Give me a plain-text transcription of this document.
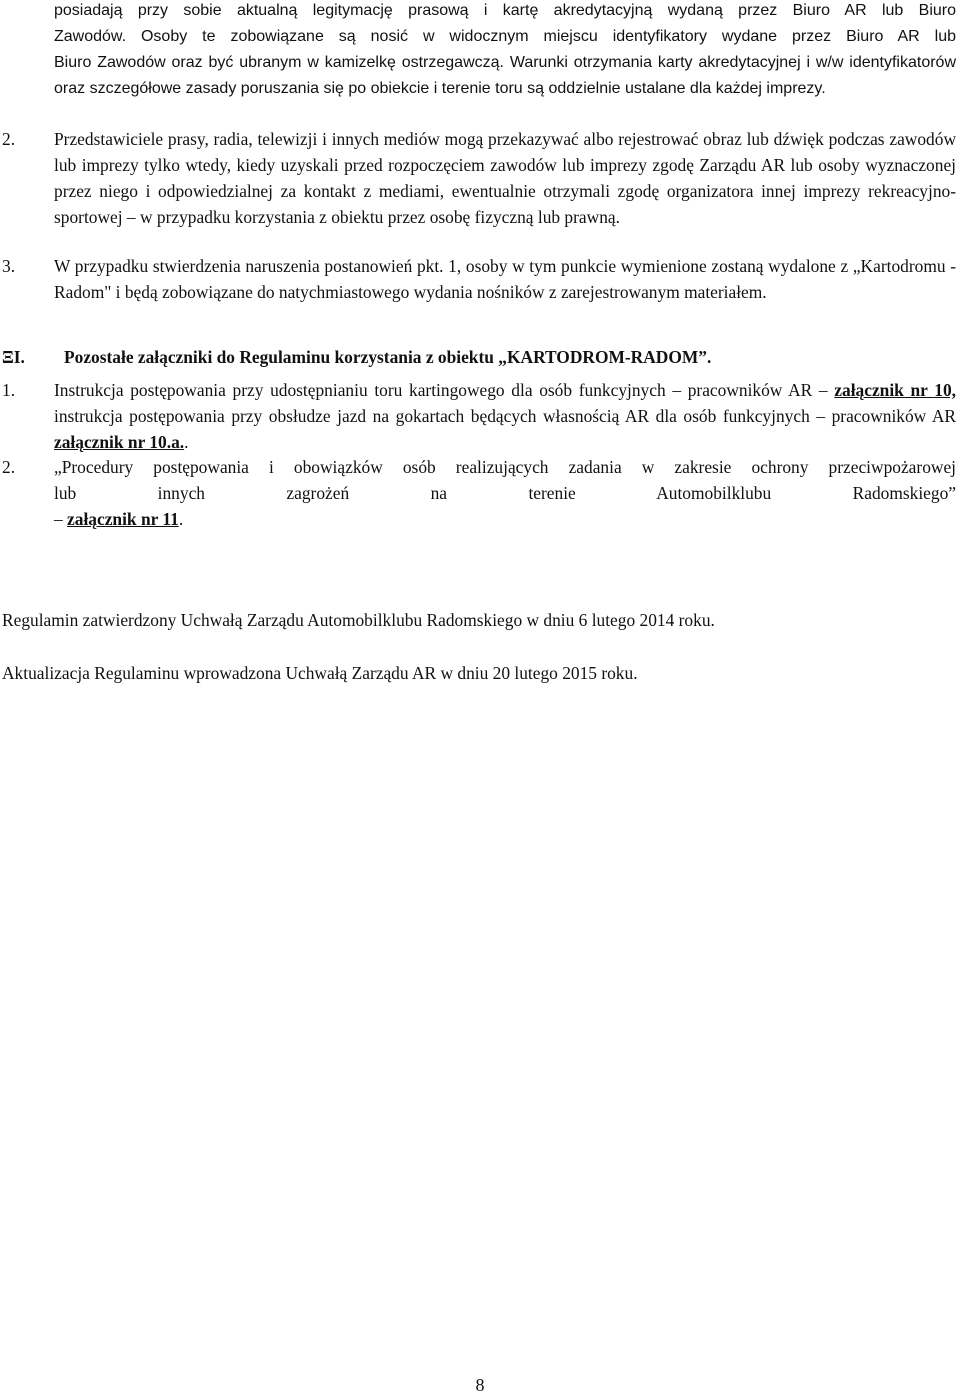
posiadają przy sobie aktualną legitymację prasową i kartę akredytacyjną wydaną przez Biuro AR lub Biuro
Zawodów. Osoby te zobowiązane są nosić w widocznym miejscu identyfikatory wydane przez Biuro AR lub
Biuro Zawodów oraz być ubranym w kamizelkę ostrzegawczą. Warunki otrzymania karty akredytacyjnej i w/w identyfikatorów oraz szczegółowe zasady poruszania się po obiekcie i terenie toru są oddzielnie ustalane dla każdej imprezy.
2. Przedstawiciele prasy, radia, telewizji i innych mediów mogą przekazywać albo rejestrować obraz lub dźwięk podczas zawodów lub imprezy tylko wtedy, kiedy uzyskali przed rozpoczęciem zawodów lub imprezy zgodę Zarządu AR lub osoby wyznaczonej przez niego i odpowiedzialnej za kontakt z mediami, ewentualnie otrzymali zgodę organizatora innej imprezy rekreacyjno-sportowej – w przypadku korzystania z obiektu przez osobę fizyczną lub prawną.
3. W przypadku stwierdzenia naruszenia postanowień pkt. 1, osoby w tym punkcie wymienione zostaną wydalone z „Kartodromu - Radom" i będą zobowiązane do natychmiastowego wydania nośników z zarejestrowanym materiałem.
ΞI. Pozostałe załączniki do Regulaminu korzystania z obiektu „KARTODROM-RADOM”.
1. Instrukcja postępowania przy udostępnianiu toru kartingowego dla osób funkcyjnych – pracowników AR – załącznik nr 10, instrukcja postępowania przy obsłudze jazd na gokartach będących własnością AR dla osób funkcyjnych – pracowników AR załącznik nr 10.a..
2. „Procedury postępowania i obowiązków osób realizujących zadania w zakresie ochrony przeciwpożarowej
lub innych zagrożeń na terenie Automobilklubu Radomskiego”
– załącznik nr 11.
Regulamin zatwierdzony Uchwałą Zarządu Automobilklubu Radomskiego w dniu 6 lutego 2014 roku.
Aktualizacja Regulaminu wprowadzona Uchwałą Zarządu AR w dniu 20 lutego 2015 roku.
8
